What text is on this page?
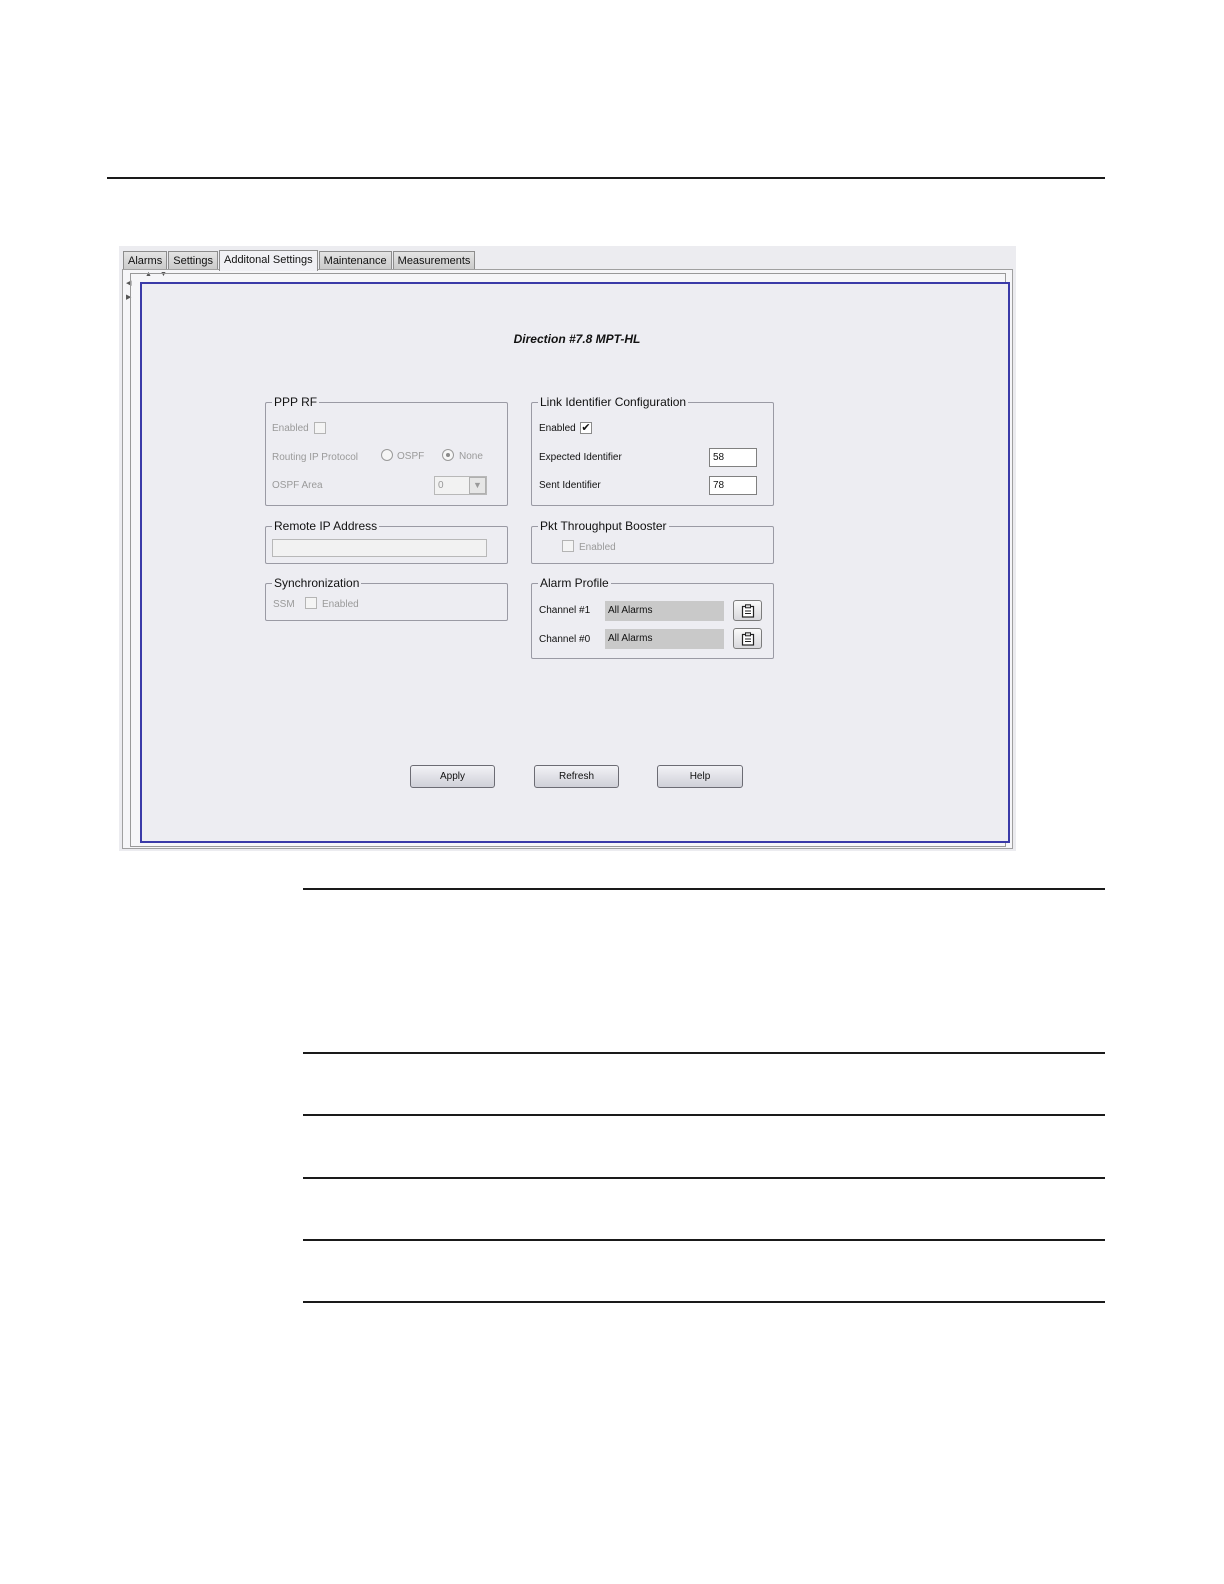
Alarms	Settings	Additonal Settings	Maintenance	Measurements
▲ ▼
◀
▶
Direction #7.8 MPT-HL
PPP RF
Enabled
Routing IP Protocol	OSPF	None
OSPF Area	0	▼
Link Identifier Configuration
Enabled ✔
Expected Identifier	58
Sent Identifier	78
Remote IP Address	Pkt Throughput Booster
Enabled
Synchronization
SSM	Enabled
Alarm Profile
Channel #1	All Alarms
Channel #0	All Alarms
Apply	Refresh	Help
